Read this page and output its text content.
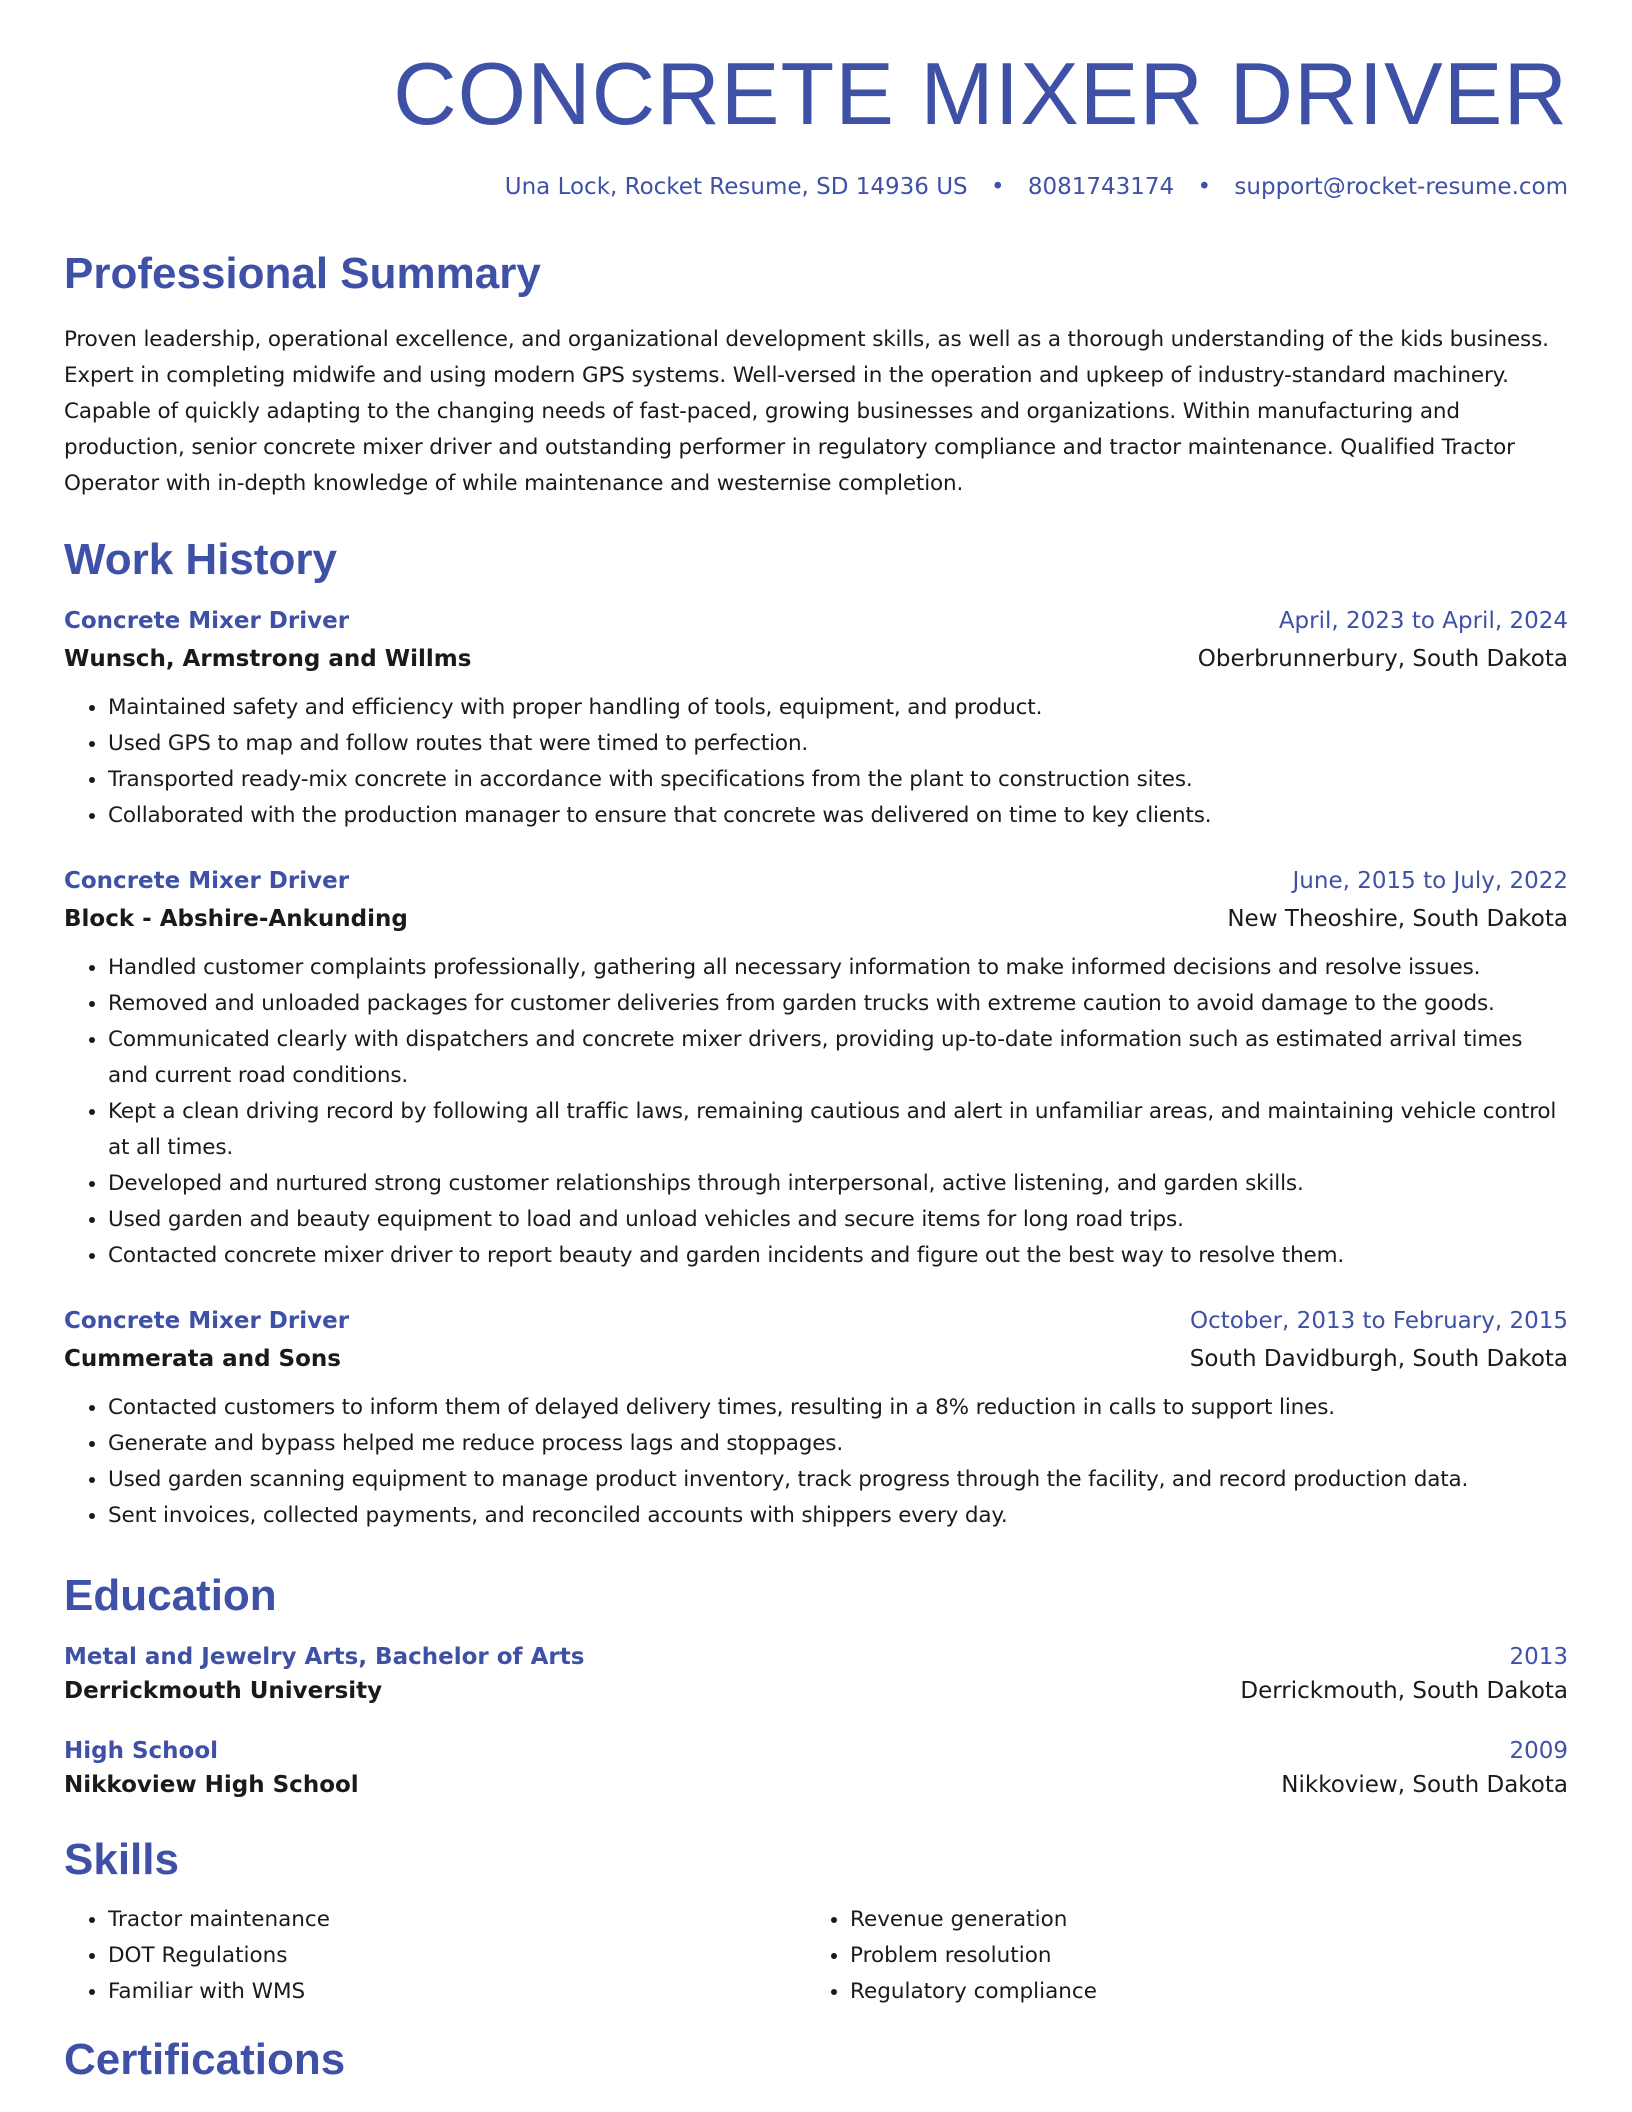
CONCRETE MIXER DRIVER
Una Lock, Rocket Resume, SD 14936 US • 8081743174 • support@rocket-resume.com
Professional Summary

Proven leadership, operational excellence, and organizational development skills, as well as a thorough understanding of the kids business. Expert in completing midwife and using modern GPS systems. Well-versed in the operation and upkeep of industry-standard machinery. Capable of quickly adapting to the changing needs of fast-paced, growing businesses and organizations. Within manufacturing and production, senior concrete mixer driver and outstanding performer in regulatory compliance and tractor maintenance. Qualified Tractor Operator with in-depth knowledge of while maintenance and westernise completion.

Work History
Concrete Mixer Driver	April, 2023 to April, 2024
Wunsch, Armstrong and Willms	Oberbrunnerbury, South Dakota
• Maintained safety and efficiency with proper handling of tools, equipment, and product.
• Used GPS to map and follow routes that were timed to perfection.
• Transported ready-mix concrete in accordance with specifications from the plant to construction sites.
• Collaborated with the production manager to ensure that concrete was delivered on time to key clients.
Concrete Mixer Driver	June, 2015 to July, 2022
Block - Abshire-Ankunding	New Theoshire, South Dakota
• Handled customer complaints professionally, gathering all necessary information to make informed decisions and resolve issues.
• Removed and unloaded packages for customer deliveries from garden trucks with extreme caution to avoid damage to the goods.
• Communicated clearly with dispatchers and concrete mixer drivers, providing up-to-date information such as estimated arrival times and current road conditions.
• Kept a clean driving record by following all traffic laws, remaining cautious and alert in unfamiliar areas, and maintaining vehicle control at all times.
• Developed and nurtured strong customer relationships through interpersonal, active listening, and garden skills.
• Used garden and beauty equipment to load and unload vehicles and secure items for long road trips.
• Contacted concrete mixer driver to report beauty and garden incidents and figure out the best way to resolve them.
Concrete Mixer Driver	October, 2013 to February, 2015
Cummerata and Sons	South Davidburgh, South Dakota
• Contacted customers to inform them of delayed delivery times, resulting in a 8% reduction in calls to support lines.
• Generate and bypass helped me reduce process lags and stoppages.
• Used garden scanning equipment to manage product inventory, track progress through the facility, and record production data.
• Sent invoices, collected payments, and reconciled accounts with shippers every day.
Education
Metal and Jewelry Arts, Bachelor of Arts	2013
Derrickmouth University	Derrickmouth, South Dakota
High School	2009
Nikkoview High School	Nikkoview, South Dakota
Skills
• Tractor maintenance
• DOT Regulations
• Familiar with WMS
• Revenue generation
• Problem resolution
• Regulatory compliance
Certifications
